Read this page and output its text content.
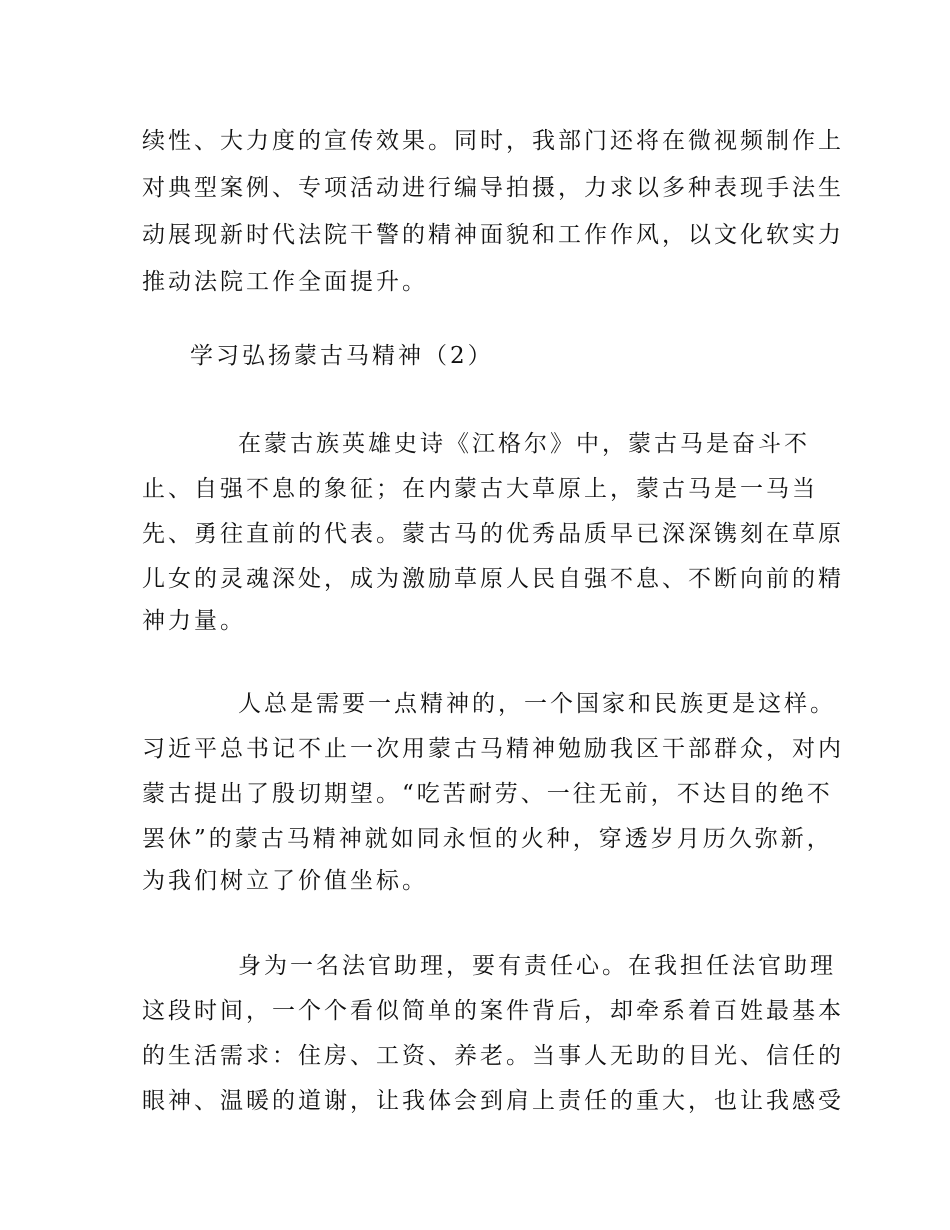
续性、大力度的宣传效果。同时，我部门还将在微视频制作上
对典型案例、专项活动进行编导拍摄，力求以多种表现手法生
动展现新时代法院干警的精神面貌和工作作风，以文化软实力
推动法院工作全面提升。
学习弘扬蒙古马精神（2）
在蒙古族英雄史诗《江格尔》中，蒙古马是奋斗不
止、自强不息的象征；在内蒙古大草原上，蒙古马是一马当
先、勇往直前的代表。蒙古马的优秀品质早已深深镌刻在草原
儿女的灵魂深处，成为激励草原人民自强不息、不断向前的精
神力量。
人总是需要一点精神的，一个国家和民族更是这样。
习近平总书记不止一次用蒙古马精神勉励我区干部群众，对内
蒙古提出了殷切期望。“吃苦耐劳、一往无前，不达目的绝不
罢休”的蒙古马精神就如同永恒的火种，穿透岁月历久弥新，
为我们树立了价值坐标。
身为一名法官助理，要有责任心。在我担任法官助理
这段时间，一个个看似简单的案件背后，却牵系着百姓最基本
的生活需求：住房、工资、养老。当事人无助的目光、信任的
眼神、温暖的道谢，让我体会到肩上责任的重大，也让我感受
